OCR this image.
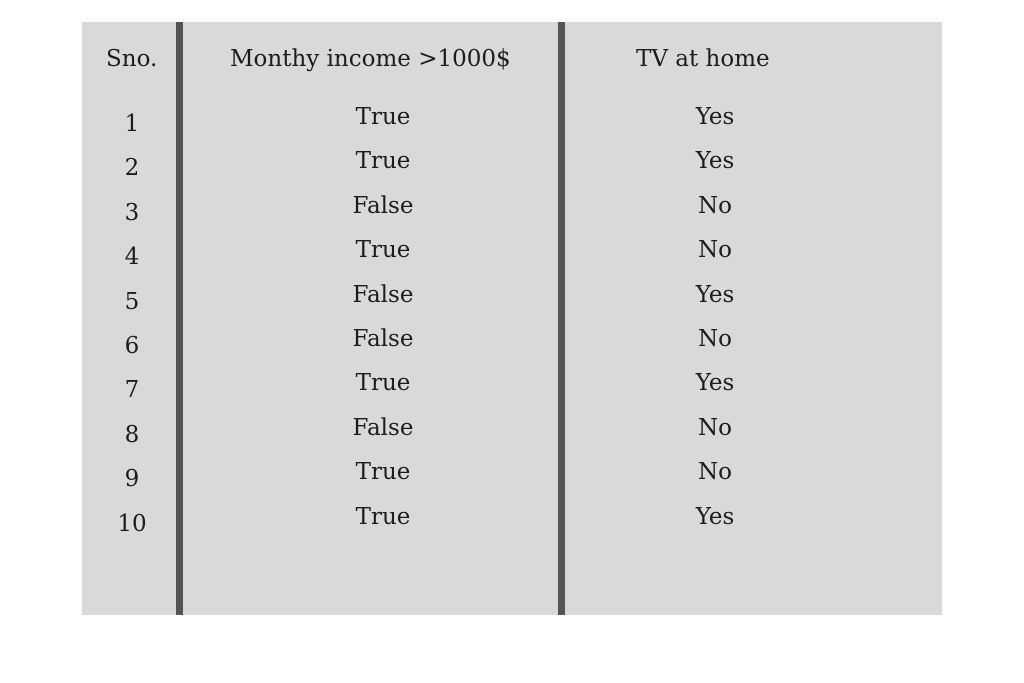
Sno.	Monthy income >1000$	TV at home
1	True	Yes
2	True	Yes
3	False	No
4	True	No
5	False	Yes
6	False	No
7	True	Yes
8	False	No
9	True	No
10	True	Yes
